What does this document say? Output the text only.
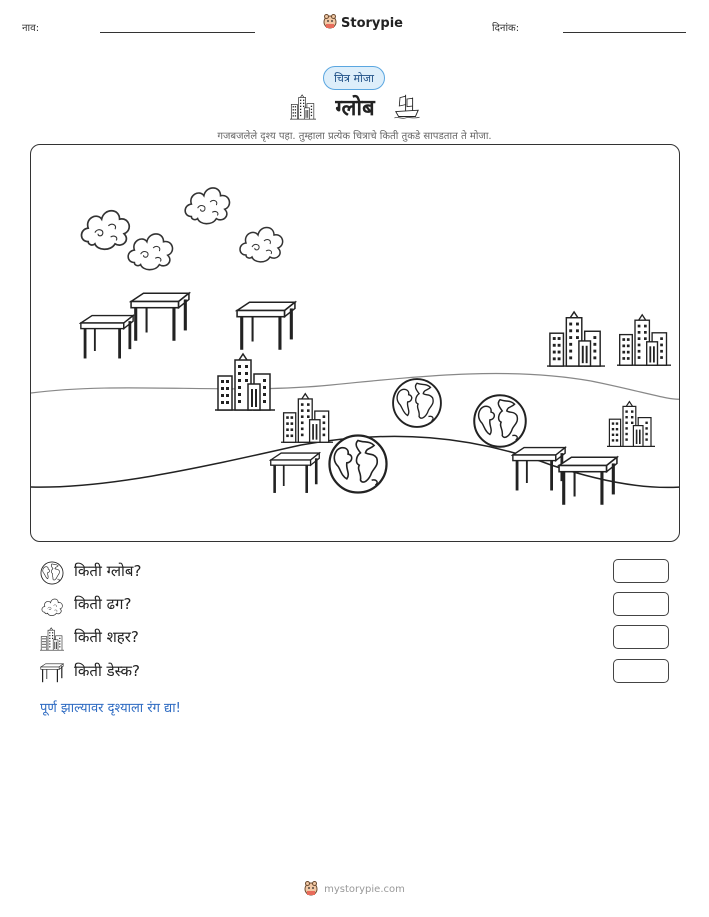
नाव:	Storypie	दिनांक:
चित्र मोजा
ग्लोब
गजबजलेले दृश्य पहा. तुम्हाला प्रत्येक चित्राचे किती तुकडे सापडतात ते मोजा.
किती ग्लोब?
किती ढग?
किती शहर?
किती डेस्क?
पूर्ण झाल्यावर दृश्याला रंग द्या!
mystorypie.com
